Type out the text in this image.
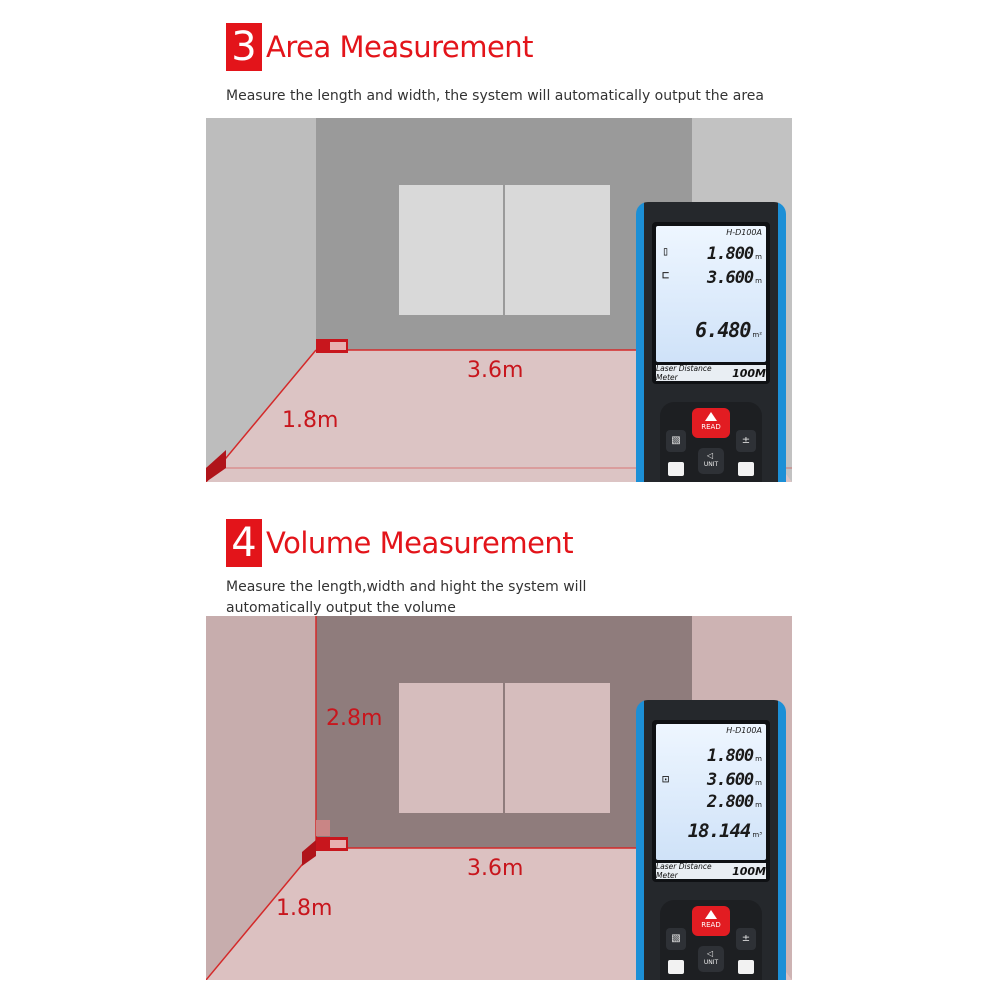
3 Area Measurement
Measure the length and width, the system will automatically output the area
3.6m
1.8m
H-D100A
▯ 1.800 m
⊏ 3.600 m
6.480 m²
Laser Distance Meter	100M
READ
▧	±
◁
UNIT
4 Volume Measurement
Measure the length,width and hight the system will
automatically output the volume
2.8m
3.6m
1.8m
H-D100A
1.800 m
⊡ 3.600 m
2.800 m
18.144 m³
Laser Distance Meter	100M
READ
▧	±
◁
UNIT
